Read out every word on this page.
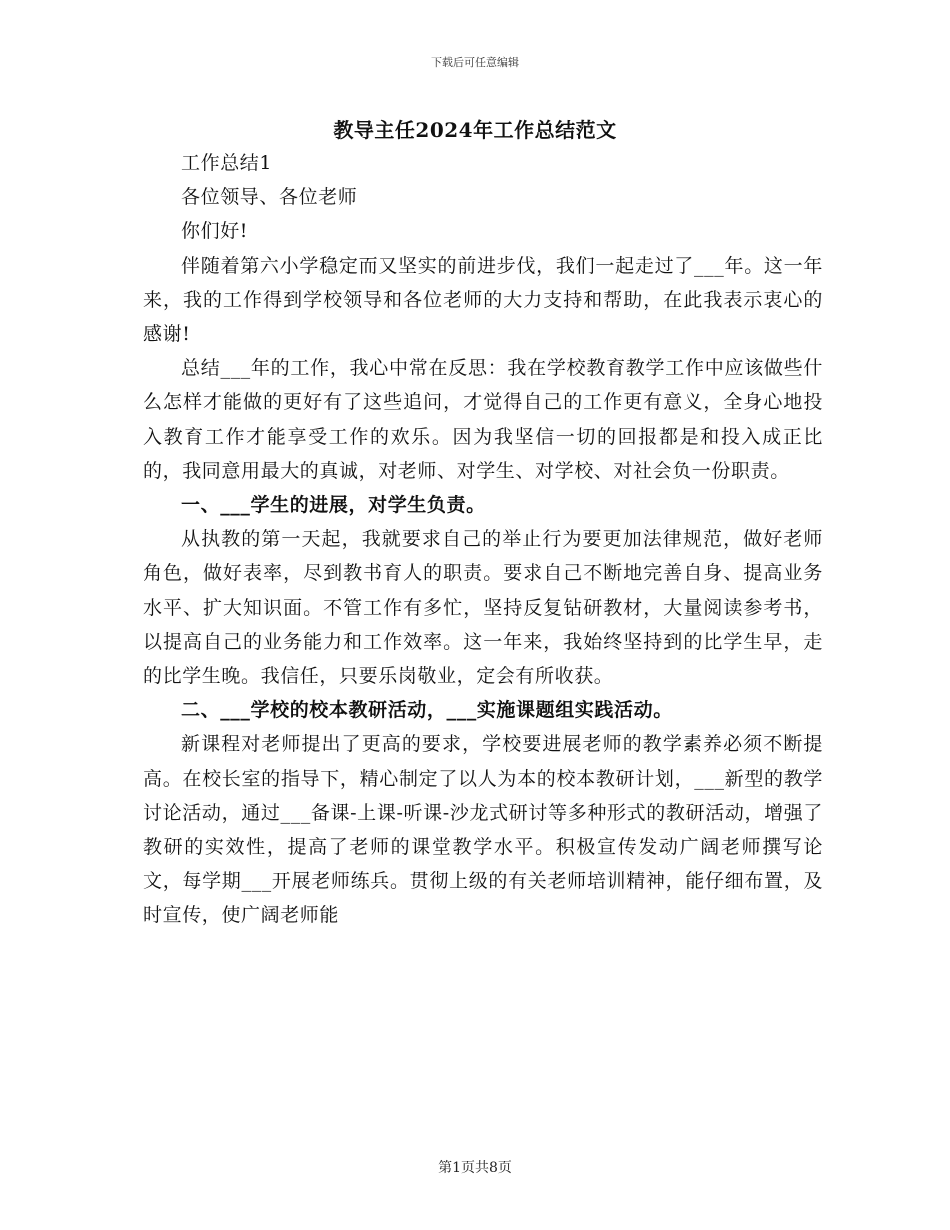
下载后可任意编辑
教导主任2024年工作总结范文

工作总结1

各位领导、各位老师

你们好!

伴随着第六小学稳定而又坚实的前进步伐，我们一起走过了___年。这一年来，我的工作得到学校领导和各位老师的大力支持和帮助，在此我表示衷心的感谢!

总结___年的工作，我心中常在反思：我在学校教育教学工作中应该做些什么怎样才能做的更好有了这些追问，才觉得自己的工作更有意义，全身心地投入教育工作才能享受工作的欢乐。因为我坚信一切的回报都是和投入成正比的，我同意用最大的真诚，对老师、对学生、对学校、对社会负一份职责。

一、___学生的进展，对学生负责。

从执教的第一天起，我就要求自己的举止行为要更加法律规范，做好老师角色，做好表率，尽到教书育人的职责。要求自己不断地完善自身、提高业务水平、扩大知识面。不管工作有多忙，坚持反复钻研教材，大量阅读参考书，以提高自己的业务能力和工作效率。这一年来，我始终坚持到的比学生早，走的比学生晚。我信任，只要乐岗敬业，定会有所收获。

二、___学校的校本教研活动，___实施课题组实践活动。

新课程对老师提出了更高的要求，学校要进展老师的教学素养必须不断提高。在校长室的指导下，精心制定了以人为本的校本教研计划，___新型的教学讨论活动，通过___备课-上课-听课-沙龙式研讨等多种形式的教研活动，增强了教研的实效性，提高了老师的课堂教学水平。积极宣传发动广阔老师撰写论文，每学期___开展老师练兵。贯彻上级的有关老师培训精神，能仔细布置，及时宣传，使广阔老师能

第1页共8页
